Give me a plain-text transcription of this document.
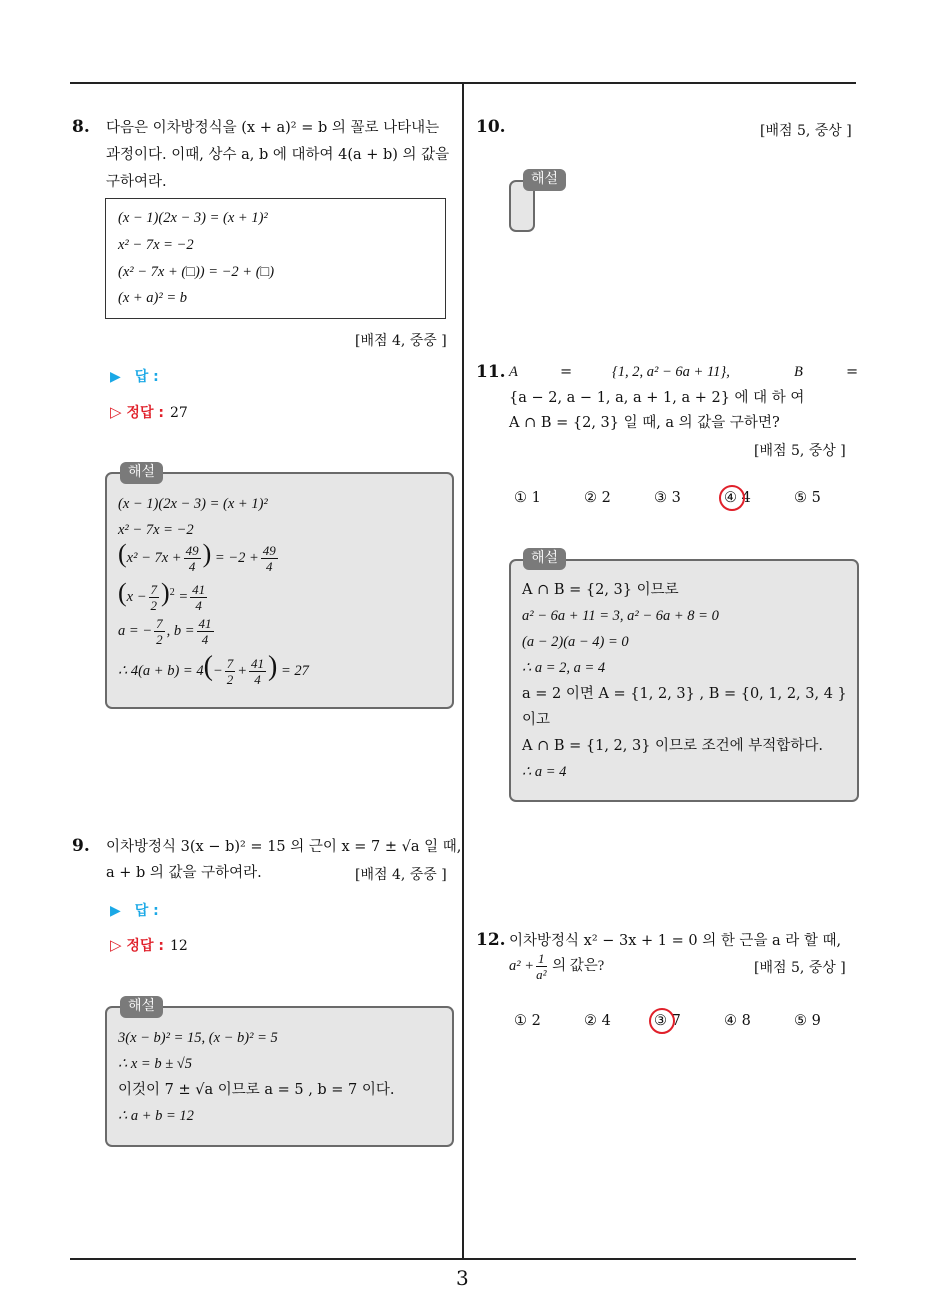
3
8. 다음은 이차방정식을 (x + a)² = b 의 꼴로 나타내는
과정이다. 이때, 상수 a, b 에 대하여 4(a + b) 의 값을
구하여라.
(x − 1)(2x − 3) = (x + 1)²
x² − 7x = −2
(x² − 7x + (□)) = −2 + (□)
(x + a)² = b
[배점 4, 중중 ]
▶ 답 :
▷ 정답 : 27
해설
(x − 1)(2x − 3) = (x + 1)²
x² − 7x = −2
($x^2 - 7x + \frac{49}{4}$ ) = $-2 + \frac{49}{4}$
$(x - \frac{7}{2} )^2 = \frac{41}{4}$
a = − $\frac{7}{2}$ , $b = \frac{41}{4}$
∴ $4(a + b) = 4(- \frac{7}{2} + \frac{41}{4}$ ) = 27
9. 이차방정식 3(x − b)² = 15 의 근이 x = 7 ± √a 일 때,
a + b 의 값을 구하여라.	[배점 4, 중중 ]
▶ 답 :
▷ 정답 : 12
해설
3(x − b)² = 15, (x − b)² = 5
∴ x = b ± √5
이것이 7 ± √a 이므로 a = 5 , b = 7 이다.
∴ a + b = 12
10.	[배점 5, 중상 ]
해설
11. A	=	{1, 2, a² − 6a + 11},	B	=
{a − 2, a − 1, a, a + 1, a + 2} 에 대 하 여
A ∩ B = {2, 3} 일 때, a 의 값을 구하면?
[배점 5, 중상 ]
① 1	② 2	③ 3	④ 4	⑤ 5
해설
A ∩ B = {2, 3} 이므로
a² − 6a + 11 = 3, a² − 6a + 8 = 0
(a − 2)(a − 4) = 0
∴ a = 2, a = 4
a = 2 이면 A = {1, 2, 3} , B = {0, 1, 2, 3, 4 }
이고
A ∩ B = {1, 2, 3} 이므로 조건에 부적합하다.
∴ a = 4
12. 이차방정식 x² − 3x + 1 = 0 의 한 근을 a 라 할 때,
$a^2 + \frac{1}{\text{a²}}$ 의 값은?	[배점 5, 중상 ]
① 2	② 4	③ 7	④ 8	⑤ 9
